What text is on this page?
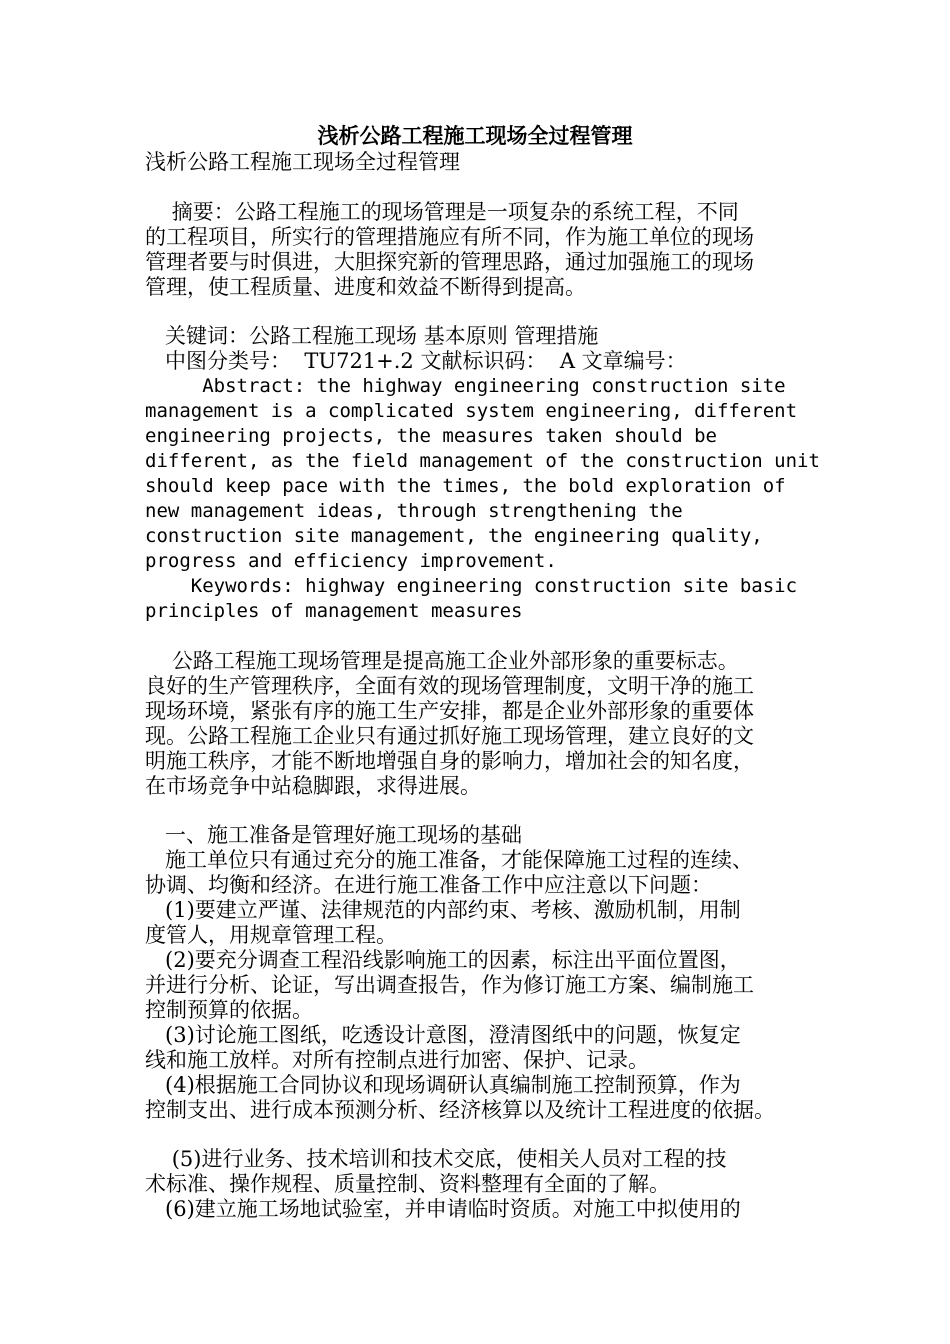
浅析公路工程施工现场全过程管理
浅析公路工程施工现场全过程管理
摘要：公路工程施工的现场管理是一项复杂的系统工程，不同
的工程项目，所实行的管理措施应有所不同，作为施工单位的现场
管理者要与时俱进，大胆探究新的管理思路，通过加强施工的现场
管理，使工程质量、进度和效益不断得到提高。
关键词：公路工程施工现场 基本原则 管理措施
中图分类号：  TU721+.2 文献标识码：  A 文章编号：
Abstract: the highway engineering construction site
management is a complicated system engineering, different
engineering projects, the measures taken should be
different, as the field management of the construction unit
should keep pace with the times, the bold exploration of
new management ideas, through strengthening the
construction site management, the engineering quality,
progress and efficiency improvement.
Keywords: highway engineering construction site basic
principles of management measures
公路工程施工现场管理是提高施工企业外部形象的重要标志。
良好的生产管理秩序，全面有效的现场管理制度，文明干净的施工
现场环境，紧张有序的施工生产安排，都是企业外部形象的重要体
现。公路工程施工企业只有通过抓好施工现场管理，建立良好的文
明施工秩序，才能不断地增强自身的影响力，增加社会的知名度，
在市场竞争中站稳脚跟，求得进展。
一、施工准备是管理好施工现场的基础
施工单位只有通过充分的施工准备，才能保障施工过程的连续、
协调、均衡和经济。在进行施工准备工作中应注意以下问题：
(1)要建立严谨、法律规范的内部约束、考核、激励机制，用制
度管人，用规章管理工程。
(2)要充分调查工程沿线影响施工的因素，标注出平面位置图，
并进行分析、论证，写出调查报告，作为修订施工方案、编制施工
控制预算的依据。
(3)讨论施工图纸，吃透设计意图，澄清图纸中的问题，恢复定
线和施工放样。对所有控制点进行加密、保护、记录。
(4)根据施工合同协议和现场调研认真编制施工控制预算，作为
控制支出、进行成本预测分析、经济核算以及统计工程进度的依据。
(5)进行业务、技术培训和技术交底，使相关人员对工程的技
术标准、操作规程、质量控制、资料整理有全面的了解。
(6)建立施工场地试验室，并申请临时资质。对施工中拟使用的
